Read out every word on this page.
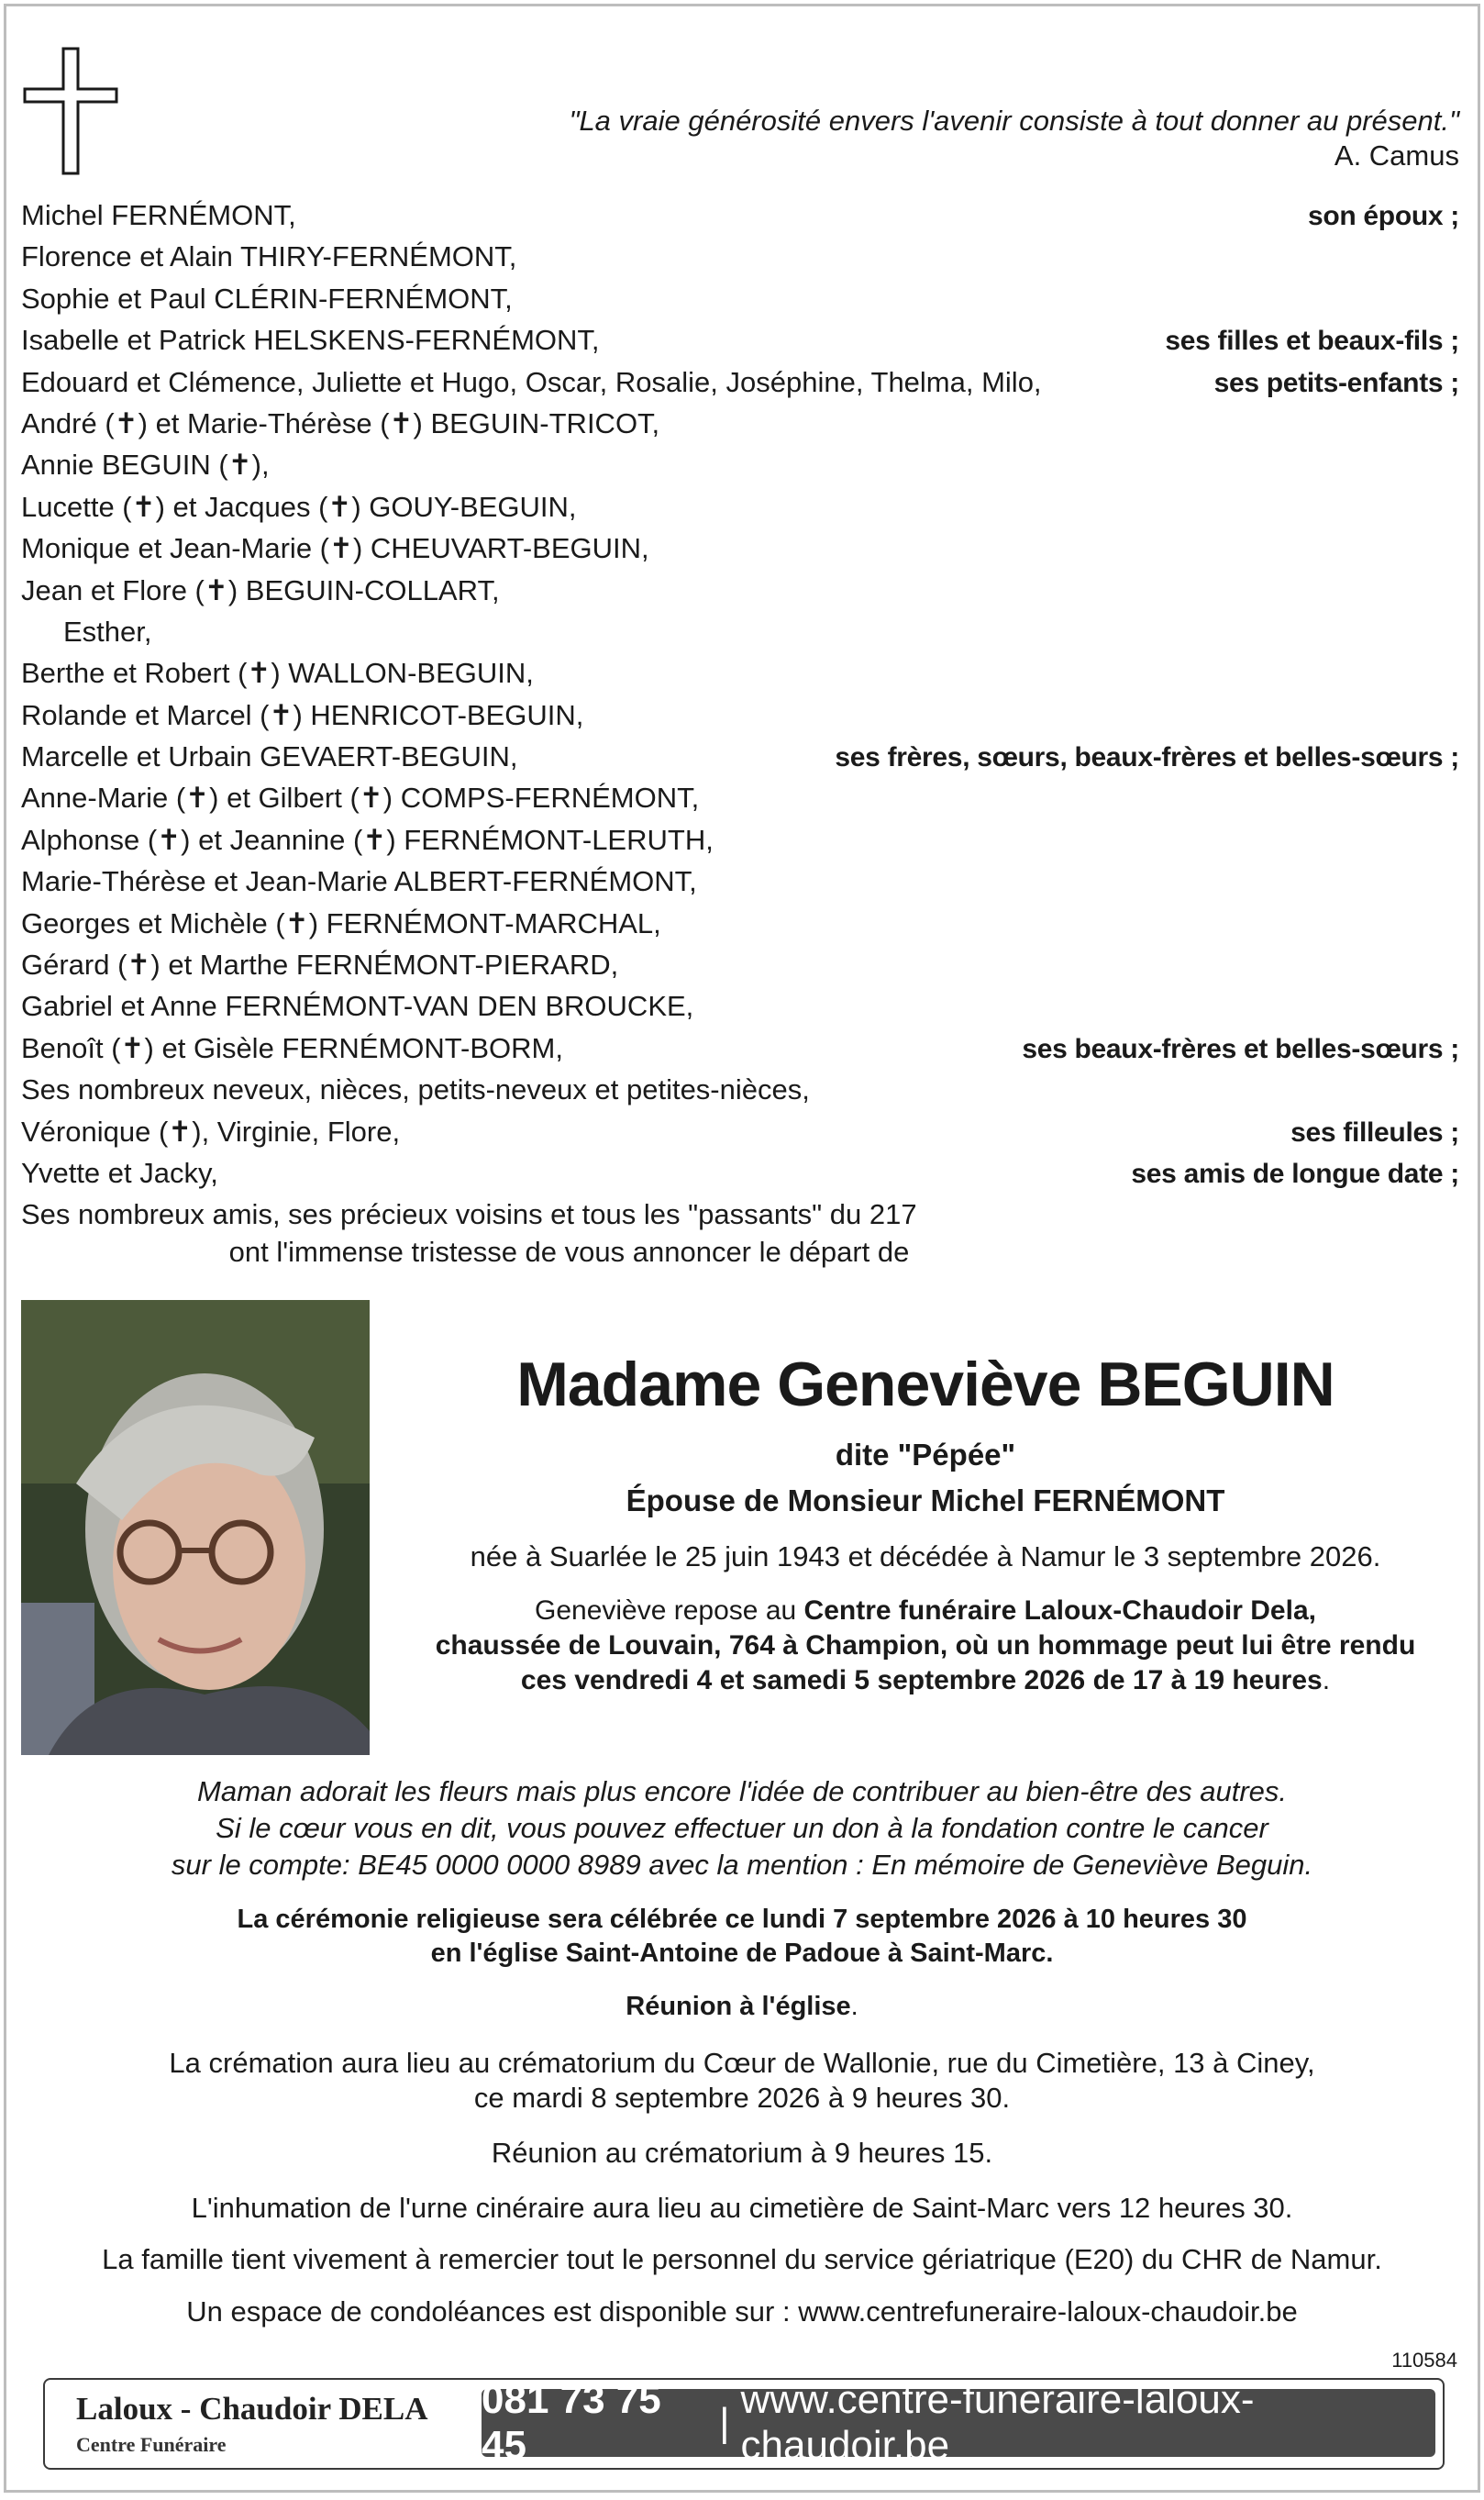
"La vraie générosité envers l'avenir consiste à tout donner au présent."
A. Camus
Michel FERNÉMONT,	son époux ;
Florence et Alain THIRY-FERNÉMONT,
Sophie et Paul CLÉRIN-FERNÉMONT,
Isabelle et Patrick HELSKENS-FERNÉMONT,	ses filles et beaux-fils ;
Edouard et Clémence, Juliette et Hugo, Oscar, Rosalie, Joséphine, Thelma, Milo,	ses petits-enfants ;
André (✝) et Marie-Thérèse (✝) BEGUIN-TRICOT,
Annie BEGUIN (✝),
Lucette (✝) et Jacques (✝) GOUY-BEGUIN,
Monique et Jean-Marie (✝) CHEUVART-BEGUIN,
Jean et Flore (✝) BEGUIN-COLLART,
Esther,
Berthe et Robert (✝) WALLON-BEGUIN,
Rolande et Marcel (✝) HENRICOT-BEGUIN,
Marcelle et Urbain GEVAERT-BEGUIN,	ses frères, sœurs, beaux-frères et belles-sœurs ;
Anne-Marie (✝) et Gilbert (✝) COMPS-FERNÉMONT,
Alphonse (✝) et Jeannine (✝) FERNÉMONT-LERUTH,
Marie-Thérèse et Jean-Marie ALBERT-FERNÉMONT,
Georges et Michèle (✝) FERNÉMONT-MARCHAL,
Gérard (✝) et Marthe FERNÉMONT-PIERARD,
Gabriel et Anne FERNÉMONT-VAN DEN BROUCKE,
Benoît (✝) et Gisèle FERNÉMONT-BORM,	ses beaux-frères et belles-sœurs ;
Ses nombreux neveux, nièces, petits-neveux et petites-nièces,
Véronique (✝), Virginie, Flore,	ses filleules ;
Yvette et Jacky,	ses amis de longue date ;
Ses nombreux amis, ses précieux voisins et tous les "passants" du 217
ont l'immense tristesse de vous annoncer le départ de
Madame Geneviève BEGUIN
dite "Pépée"
Épouse de Monsieur Michel FERNÉMONT
née à Suarlée le 25 juin 1943 et décédée à Namur le 3 septembre 2026.
Geneviève repose au Centre funéraire Laloux-Chaudoir Dela,
chaussée de Louvain, 764 à Champion, où un hommage peut lui être rendu
ces vendredi 4 et samedi 5 septembre 2026 de 17 à 19 heures.
Maman adorait les fleurs mais plus encore l'idée de contribuer au bien-être des autres.
Si le cœur vous en dit, vous pouvez effectuer un don à la fondation contre le cancer
sur le compte: BE45 0000 0000 8989 avec la mention : En mémoire de Geneviève Beguin.
La cérémonie religieuse sera célébrée ce lundi 7 septembre 2026 à 10 heures 30
en l'église Saint-Antoine de Padoue à Saint-Marc.
Réunion à l'église.
La crémation aura lieu au crématorium du Cœur de Wallonie, rue du Cimetière, 13 à Ciney,
ce mardi 8 septembre 2026 à 9 heures 30.
Réunion au crématorium à 9 heures 15.
L'inhumation de l'urne cinéraire aura lieu au cimetière de Saint-Marc vers 12 heures 30.
La famille tient vivement à remercier tout le personnel du service gériatrique (E20) du CHR de Namur.
Un espace de condoléances est disponible sur : www.centrefuneraire-laloux-chaudoir.be
110584
Laloux - Chaudoir DELA
Centre Funéraire
081 73 75 45
|
www.centre-funeraire-laloux-chaudoir.be
